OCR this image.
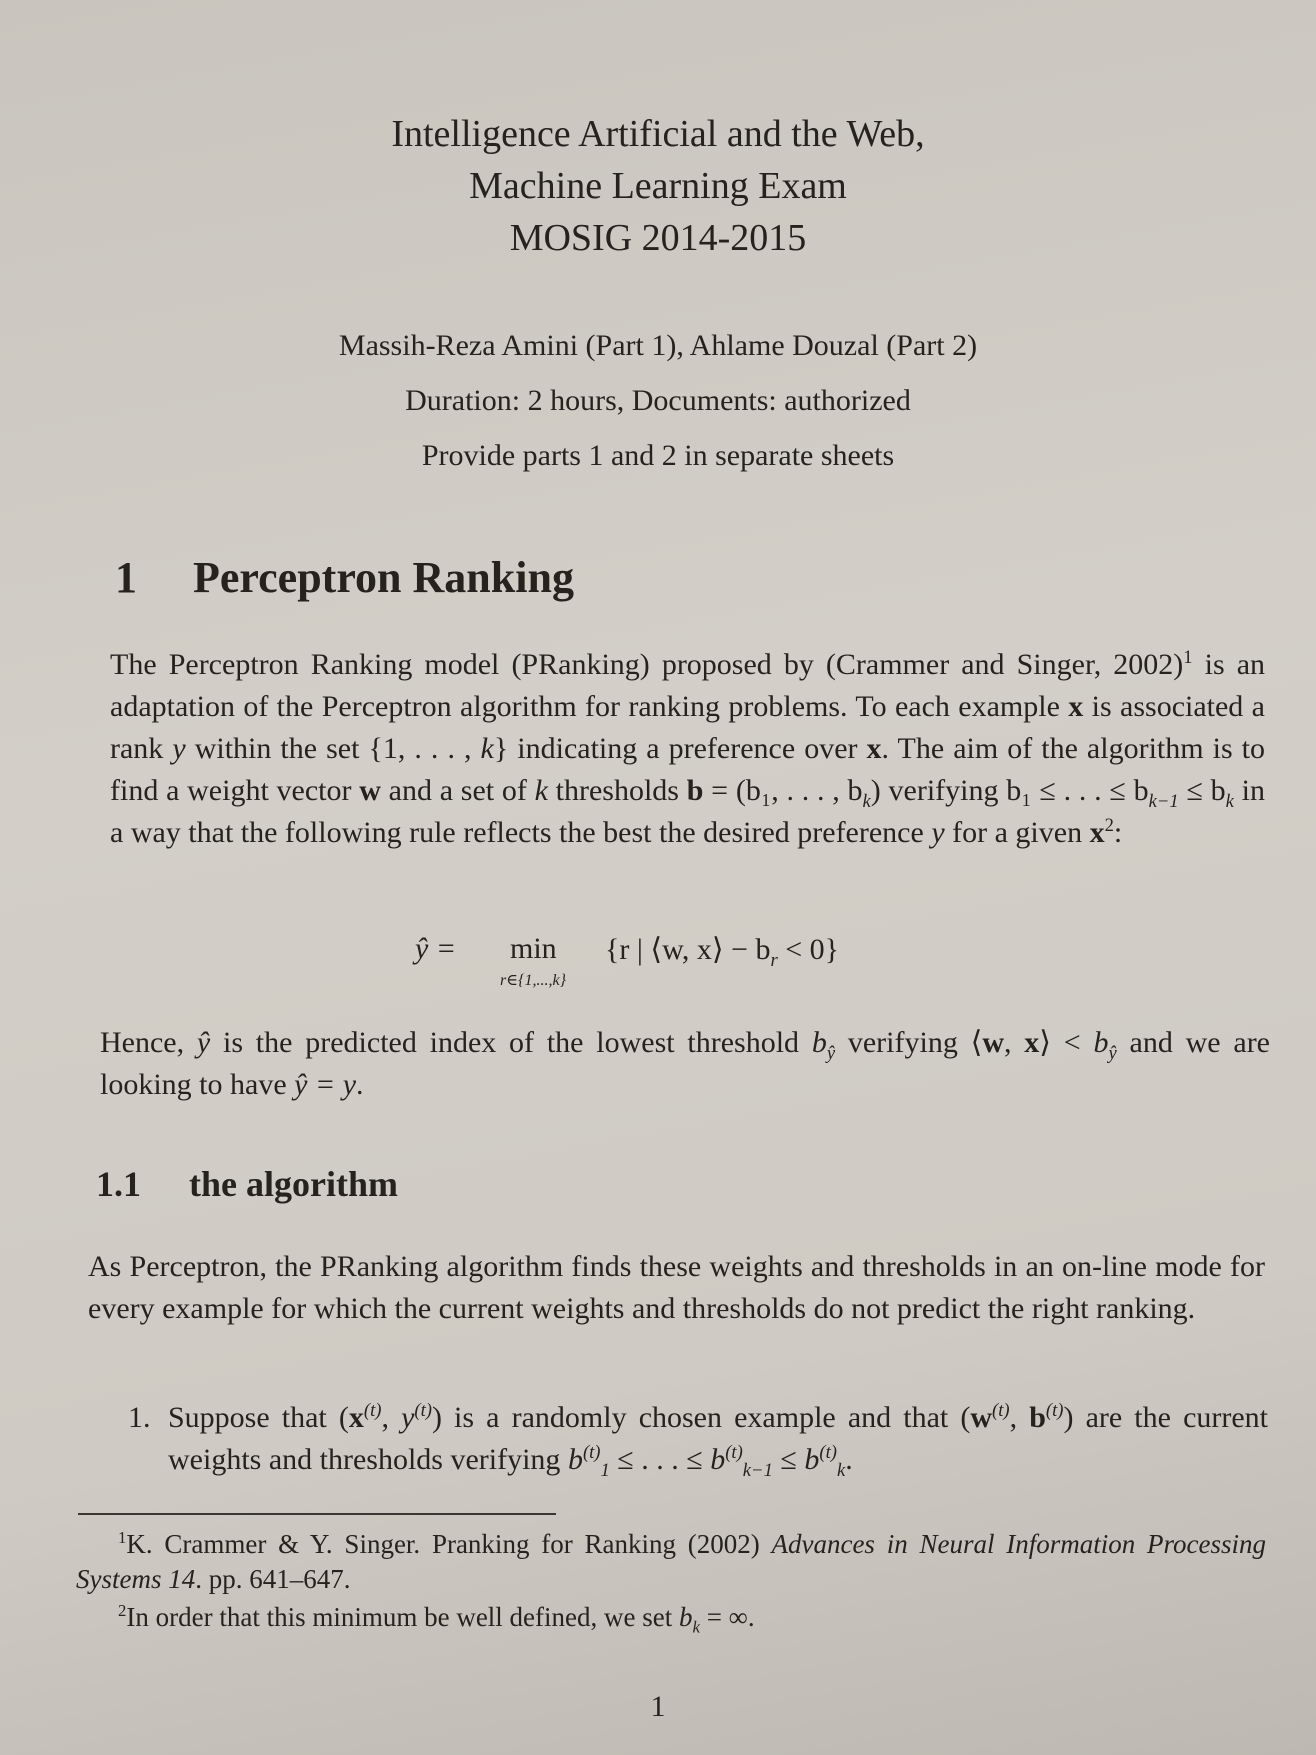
Intelligence Artificial and the Web,
Machine Learning Exam
MOSIG 2014-2015
Massih-Reza Amini (Part 1), Ahlame Douzal (Part 2)
Duration: 2 hours, Documents: authorized
Provide parts 1 and 2 in separate sheets
1 Perceptron Ranking
The Perceptron Ranking model (PRanking) proposed by (Crammer and Singer, 2002)$^1$ is an adaptation of the Perceptron algorithm for ranking problems. To each example x is associated a rank y within the set {1, . . . , k} indicating a preference over x. The aim of the algorithm is to find a weight vector w and a set of k thresholds b = (b₁, . . . , $b_k$) verifying b₁ ≤ . . . ≤ $b_{k-1} \le b_k$ in a way that the following rule reflects the best the desired preference y for a given $x^2$:
ŷ = min
r∈{1,...,k}
{r | ⟨w, x⟩ − $b_r < 0$}
Hence, ŷ is the predicted index of the lowest threshold $b_ŷ$ verifying ⟨w, x⟩ < $b_ŷ$ and we are looking to have ŷ = y.
1.1 the algorithm
As Perceptron, the PRanking algorithm finds these weights and thresholds in an on-line mode for every example for which the current weights and thresholds do not predict the right ranking.
1. Suppose that ($x^{(t)}$, $y^{(t)}$) is a randomly chosen example and that ($w^{(t)}$, $b^{(t)}$) are the current weights and thresholds verifying $b^{(t)}_1$ ≤ . . . ≤ $b^{(t)}_{k-1} \le b^{(t)}_k$.
$^1$K. Crammer & Y. Singer. Pranking for Ranking (2002) Advances in Neural Information Processing Systems 14. pp. 641–647.
$^2$In order that this minimum be well defined, we set $b_k$ = ∞.
1
